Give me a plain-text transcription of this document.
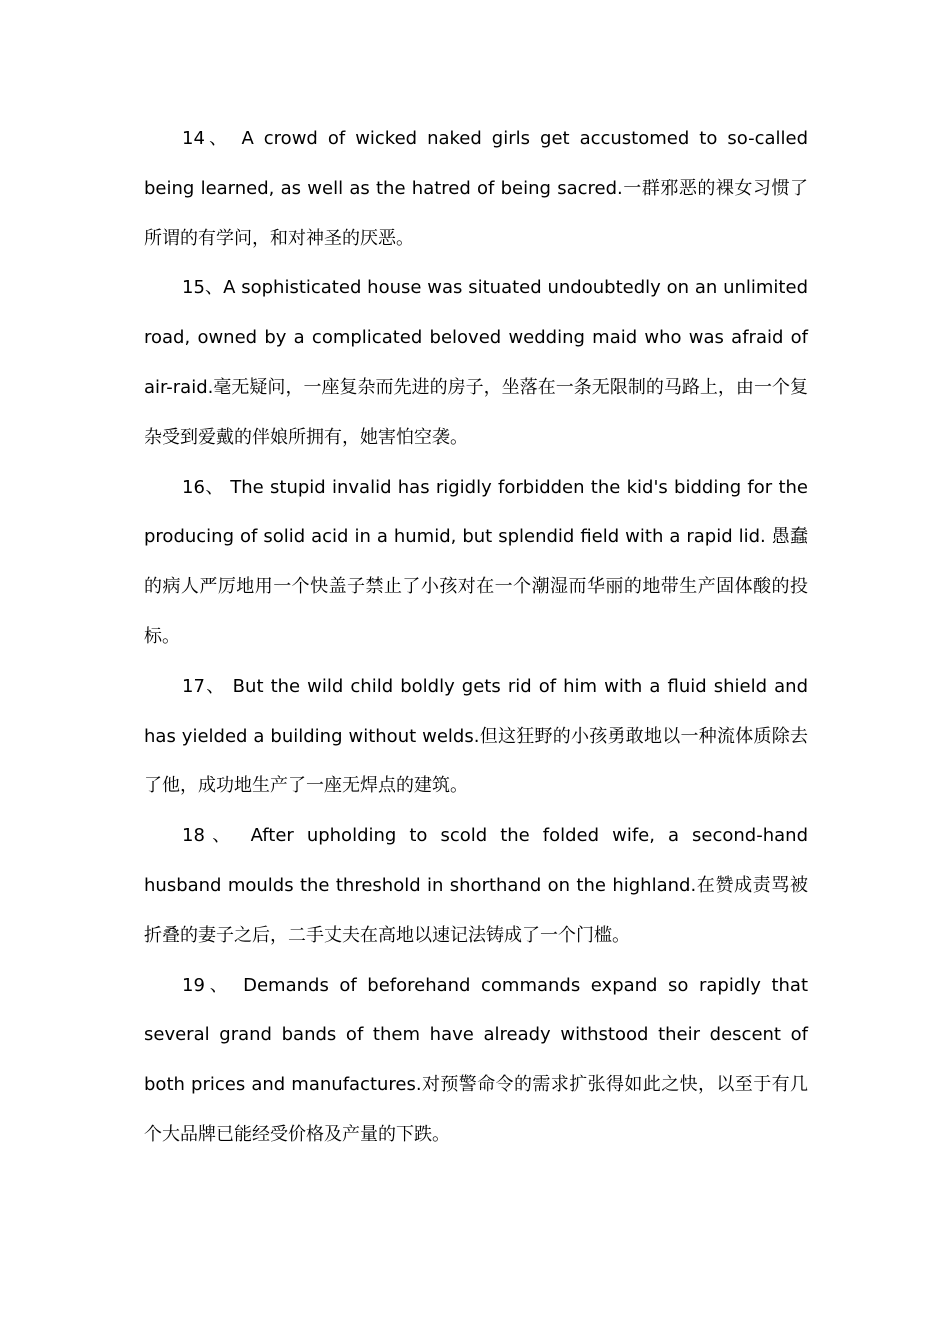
14、 A crowd of wicked naked girls get accustomed to so-called being learned, as well as the hatred of being sacred.一群邪恶的裸女习惯了所谓的有学问，和对神圣的厌恶。

15、A sophisticated house was situated undoubtedly on an unlimited road, owned by a complicated beloved wedding maid who was afraid of air-raid.毫无疑问，一座复杂而先进的房子，坐落在一条无限制的马路上，由一个复杂受到爱戴的伴娘所拥有，她害怕空袭。

16、 The stupid invalid has rigidly forbidden the kid's bidding for the producing of solid acid in a humid, but splendid field with a rapid lid. 愚蠢的病人严厉地用一个快盖子禁止了小孩对在一个潮湿而华丽的地带生产固体酸的投标。

17、 But the wild child boldly gets rid of him with a fluid shield and has yielded a building without welds.但这狂野的小孩勇敢地以一种流体质除去了他，成功地生产了一座无焊点的建筑。

18、 After upholding to scold the folded wife, a second-hand husband moulds the threshold in shorthand on the highland.在赞成责骂被折叠的妻子之后，二手丈夫在高地以速记法铸成了一个门槛。

19、 Demands of beforehand commands expand so rapidly that several grand bands of them have already withstood their descent of both prices and manufactures.对预警命令的需求扩张得如此之快，以至于有几个大品牌已能经受价格及产量的下跌。
